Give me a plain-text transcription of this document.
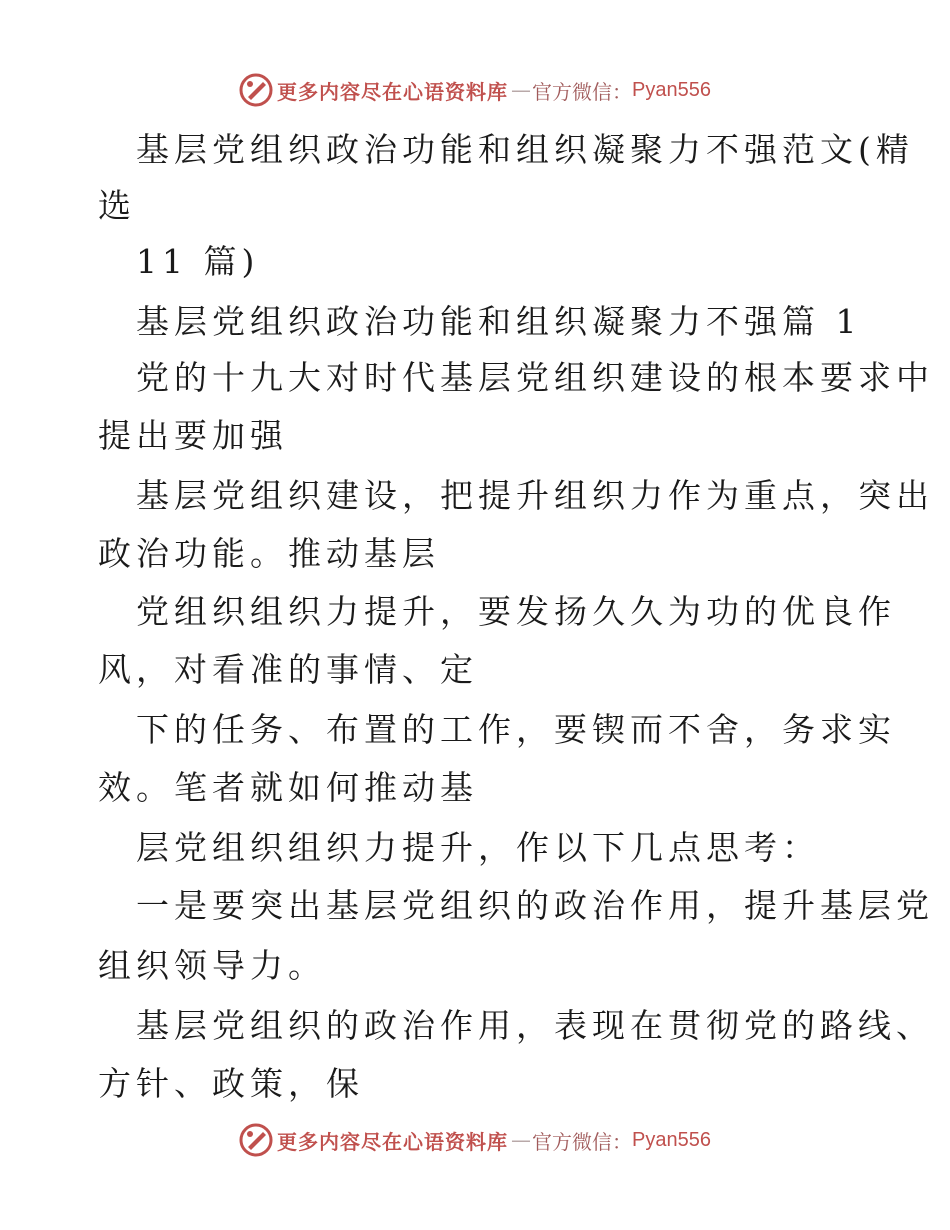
更多内容尽在心语资料库 — 官方微信： Pyan556
基层党组织政治功能和组织凝聚力不强范文(精
选
11 篇)
基层党组织政治功能和组织凝聚力不强篇 1
党的十九大对时代基层党组织建设的根本要求中
提出要加强
基层党组织建设，把提升组织力作为重点，突出
政治功能。推动基层
党组织组织力提升，要发扬久久为功的优良作
风，对看准的事情、定
下的任务、布置的工作，要锲而不舍，务求实
效。笔者就如何推动基
层党组织组织力提升，作以下几点思考：
一是要突出基层党组织的政治作用，提升基层党
组织领导力。
基层党组织的政治作用，表现在贯彻党的路线、
方针、政策，保
更多内容尽在心语资料库 — 官方微信： Pyan556
